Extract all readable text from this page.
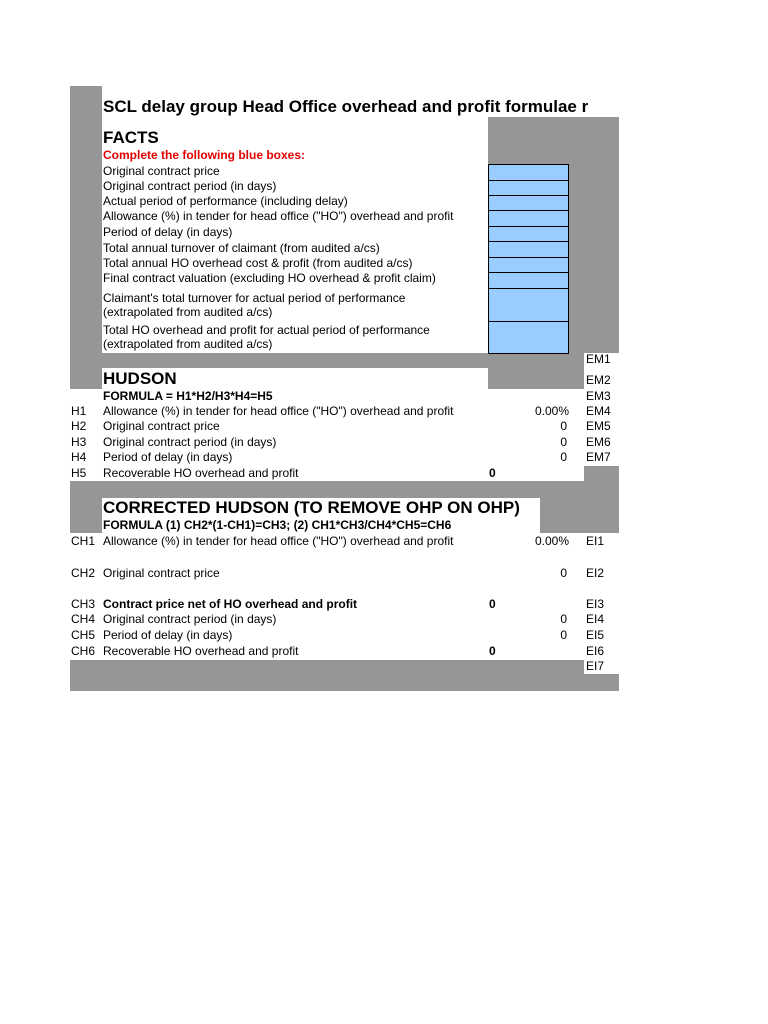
SCL delay group Head Office overhead and profit formulae r
FACTS
Complete the following blue boxes:
Original contract price
Original contract period (in days)
Actual period of performance (including delay)
Allowance (%) in tender for head office ("HO") overhead and profit
Period of delay (in days)
Total annual turnover of claimant (from audited a/cs)
Total annual HO overhead cost & profit (from audited a/cs)
Final contract valuation (excluding HO overhead & profit claim)
Claimant's total turnover for actual period of performance
(extrapolated from audited a/cs)
Total HO overhead and profit for actual period of performance
(extrapolated from audited a/cs)
EM1
HUDSON	EM2
FORMULA = H1*H2/H3*H4=H5	EM3
H1 Allowance (%) in tender for head office ("HO") overhead and profit	0.00% EM4
H2 Original contract price	0 EM5
H3 Original contract period (in days)	0 EM6
H4 Period of delay (in days)	0 EM7
H5 Recoverable HO overhead and profit	0
CORRECTED HUDSON (TO REMOVE OHP ON OHP)
FORMULA (1) CH2*(1-CH1)=CH3; (2) CH1*CH3/CH4*CH5=CH6
CH1 Allowance (%) in tender for head office ("HO") overhead and profit	0.00% EI1
CH2 Original contract price	0 EI2
CH3 Contract price net of HO overhead and profit	0	EI3
CH4 Original contract period (in days)	0 EI4
CH5 Period of delay (in days)	0 EI5
CH6 Recoverable HO overhead and profit	0	EI6
EI7
